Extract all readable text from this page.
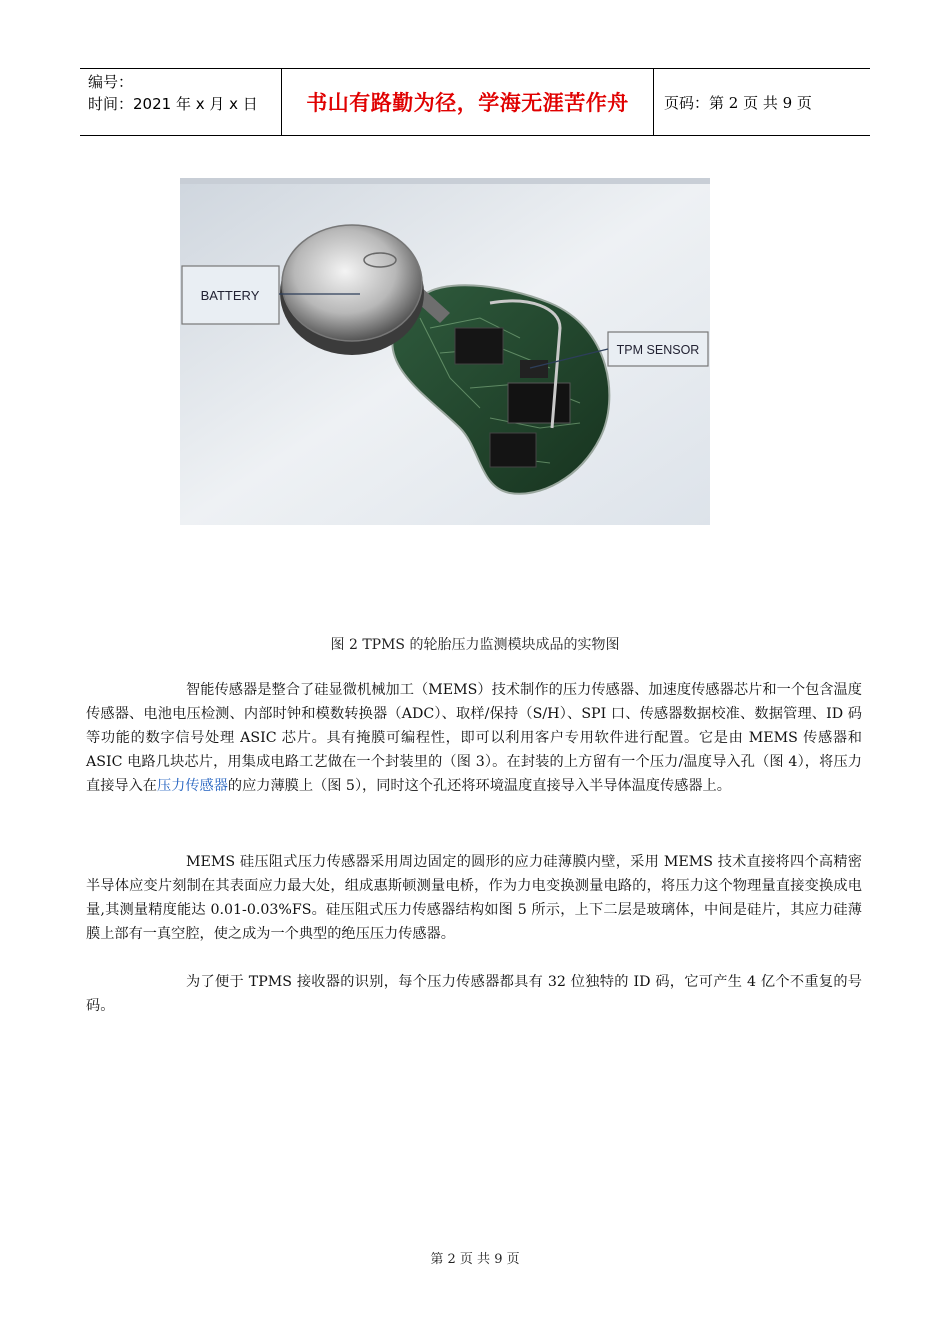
编号：
时间：2021 年 x 月 x 日	书山有路勤为径，学海无涯苦作舟	页码：第 2 页 共 9 页
BATTERY
TPM SENSOR
图 2 TPMS 的轮胎压力监测模块成品的实物图

智能传感器是整合了硅显微机械加工（MEMS）技术制作的压力传感器、加速度传感器芯片和一个包含温度传感器、电池电压检测、内部时钟和模数转换器（ADC）、取样/保持（S/H）、SPI 口、传感器数据校准、数据管理、ID 码等功能的数字信号处理 ASIC 芯片。具有掩膜可编程性，即可以利用客户专用软件进行配置。它是由 MEMS 传感器和 ASIC 电路几块芯片，用集成电路工艺做在一个封装里的（图 3）。在封装的上方留有一个压力/温度导入孔（图 4），将压力直接导入在压力传感器的应力薄膜上（图 5），同时这个孔还将环境温度直接导入半导体温度传感器上。

MEMS 硅压阻式压力传感器采用周边固定的圆形的应力硅薄膜内壁，采用 MEMS 技术直接将四个高精密半导体应变片刻制在其表面应力最大处，组成惠斯顿测量电桥，作为力电变换测量电路的，将压力这个物理量直接变换成电量,其测量精度能达 0.01-0.03%FS。硅压阻式压力传感器结构如图 5 所示，上下二层是玻璃体，中间是硅片，其应力硅薄膜上部有一真空腔，使之成为一个典型的绝压压力传感器。

为了便于 TPMS 接收器的识别，每个压力传感器都具有 32 位独特的 ID 码，它可产生 4 亿个不重复的号码。

第 2 页 共 9 页
